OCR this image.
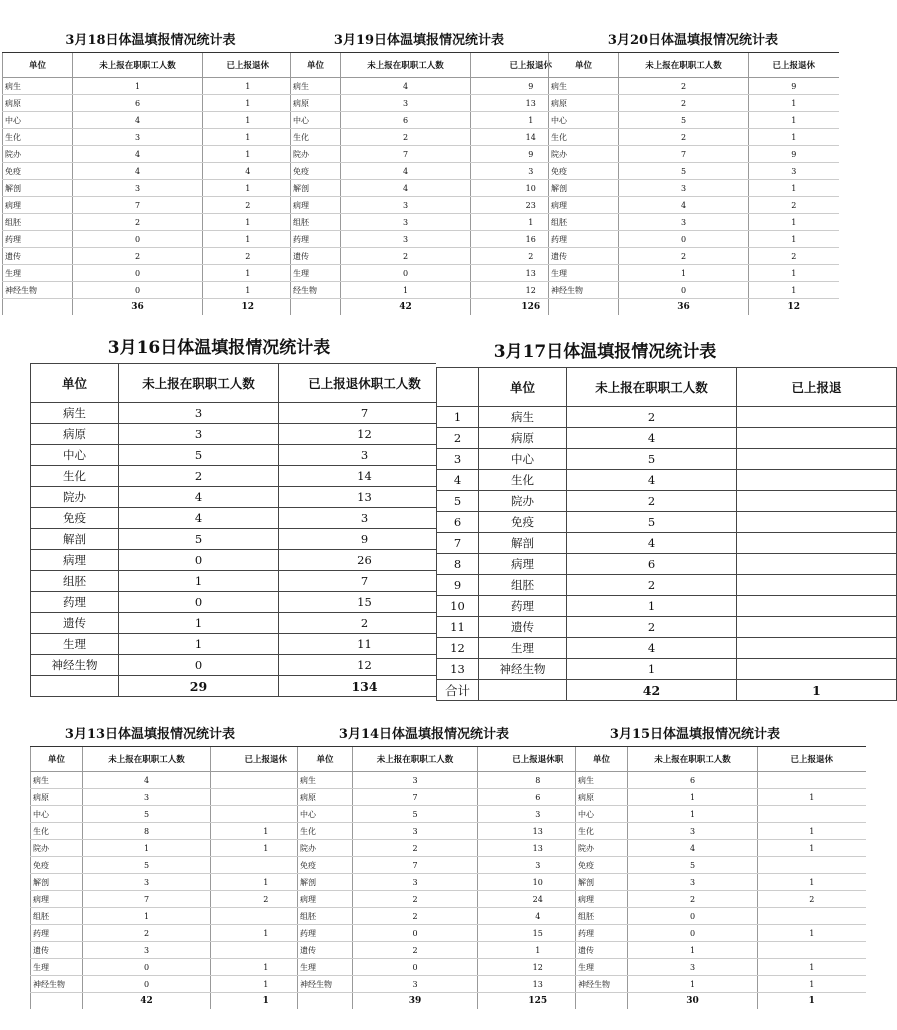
3月18日体温填报情况统计表
单位	未上报在职职工人数	已上报退休
病生	1	1
病原	6	1
中心	4	1
生化	3	1
院办	4	1
免疫	4	4
解剖	3	1
病理	7	2
组胚	2	1
药理	0	1
遗传	2	2
生理	0	1
神经生物	0	1
	36	12
3月19日体温填报情况统计表
单位	未上报在职职工人数	已上报退休
病生	4	9
病原	3	13
中心	6	1
生化	2	14
院办	7	9
免疫	4	3
解剖	4	10
病理	3	23
组胚	3	1
药理	3	16
遗传	2	2
生理	0	13
经生物	1	12
	42	126
3月20日体温填报情况统计表
单位	未上报在职职工人数	已上报退休
病生	2	9
病原	2	1
中心	5	1
生化	2	1
院办	7	9
免疫	5	3
解剖	3	1
病理	4	2
组胚	3	1
药理	0	1
遗传	2	2
生理	1	1
神经生物	0	1
	36	12
3月16日体温填报情况统计表
单位	未上报在职职工人数	已上报退休职工人数
病生	3	7
病原	3	12
中心	5	3
生化	2	14
院办	4	13
免疫	4	3
解剖	5	9
病理	0	26
组胚	1	7
药理	0	15
遗传	1	2
生理	1	11
神经生物	0	12
	29	134
3月17日体温填报情况统计表
	单位	未上报在职职工人数	已上报退
1	病生	2	
2	病原	4	
3	中心	5	
4	生化	4	
5	院办	2	
6	免疫	5	
7	解剖	4	
8	病理	6	
9	组胚	2	
10	药理	1	
11	遗传	2	
12	生理	4	
13	神经生物	1	
合计		42	1
3月13日体温填报情况统计表
单位	未上报在职职工人数	已上报退休
病生	4	
病原	3	
中心	5	
生化	8	1
院办	1	1
免疫	5	
解剖	3	1
病理	7	2
组胚	1	
药理	2	1
遗传	3	
生理	0	1
神经生物	0	1
	42	1
3月14日体温填报情况统计表
单位	未上报在职职工人数	已上报退休职
病生	3	8
病原	7	6
中心	5	3
生化	3	13
院办	2	13
免疫	7	3
解剖	3	10
病理	2	24
组胚	2	4
药理	0	15
遗传	2	1
生理	0	12
神经生物	3	13
	39	125
3月15日体温填报情况统计表
单位	未上报在职职工人数	已上报退休
病生	6	
病原	1	1
中心	1	
生化	3	1
院办	4	1
免疫	5	
解剖	3	1
病理	2	2
组胚	0	
药理	0	1
遗传	1	
生理	3	1
神经生物	1	1
	30	1
